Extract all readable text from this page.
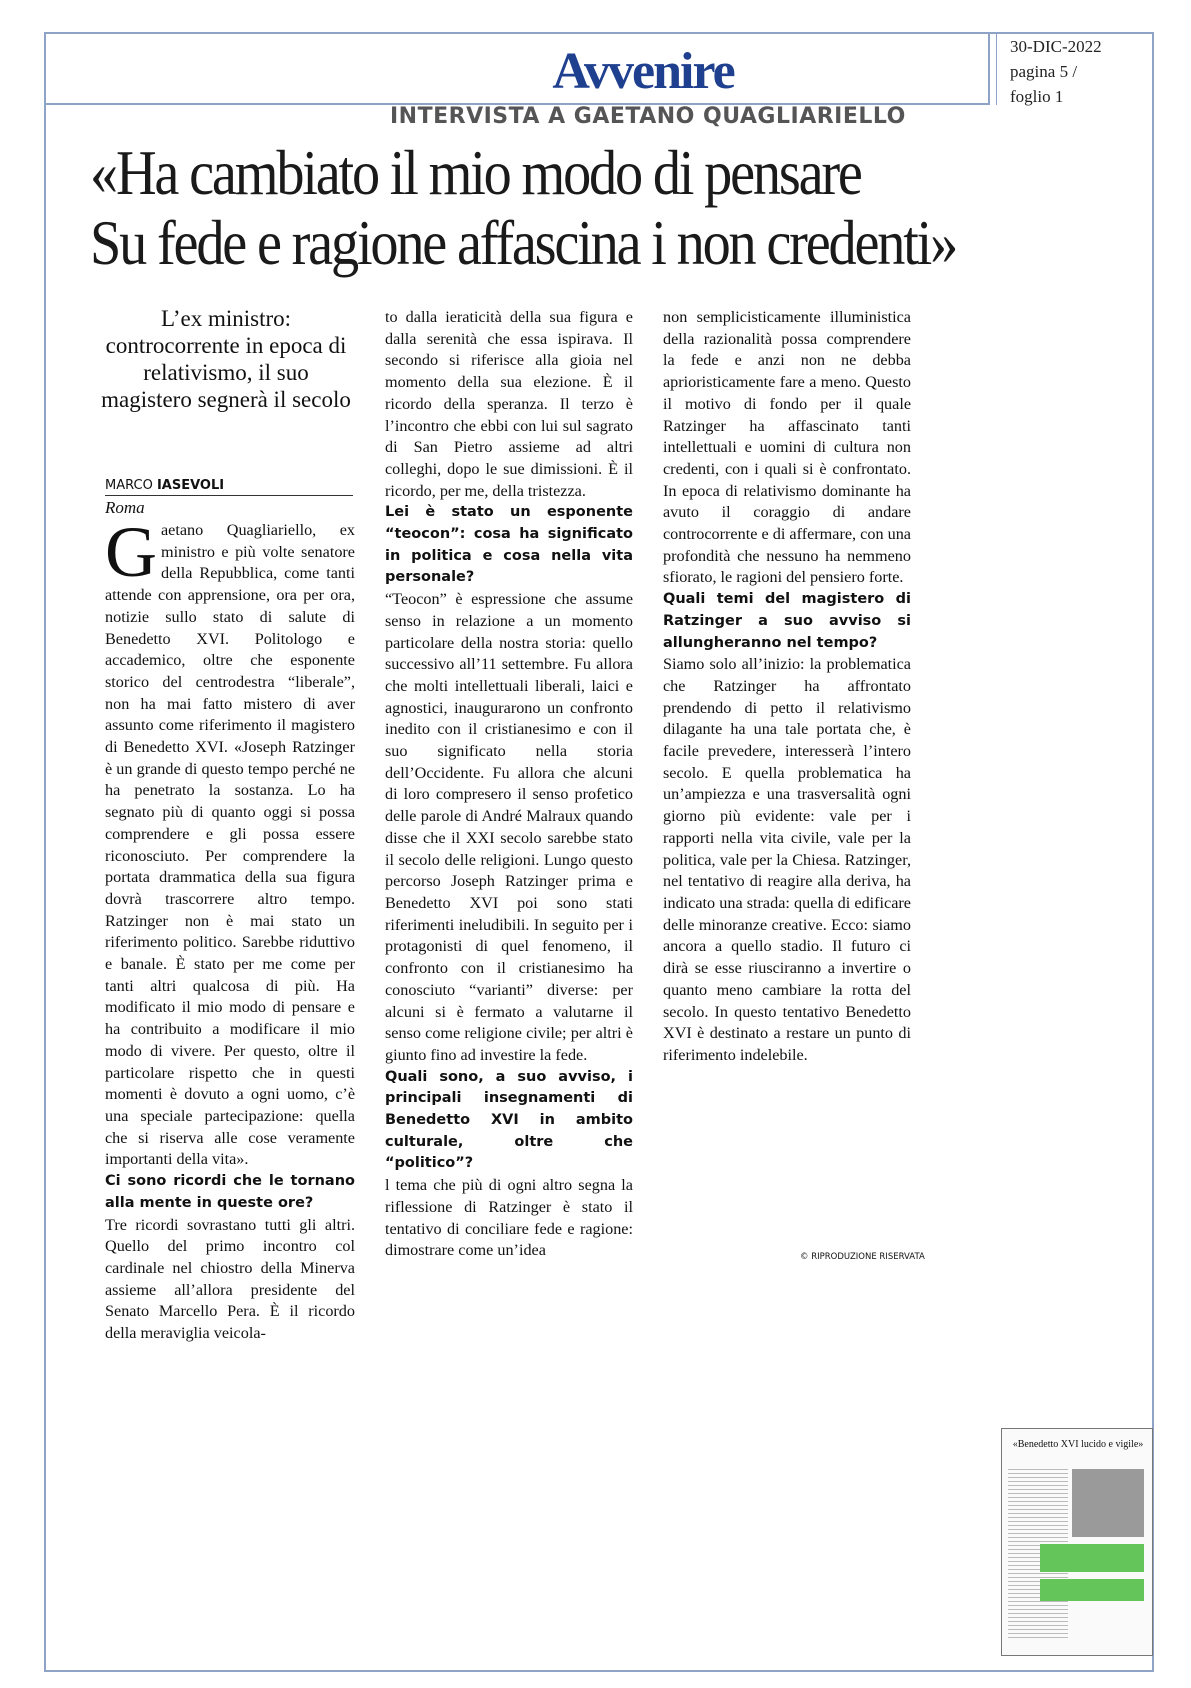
Avvenire	30-DIC-2022
pagina 5 /
foglio 1
INTERVISTA A GAETANO QUAGLIARIELLO
«Ha cambiato il mio modo di pensare
Su fede e ragione affascina i non credenti»
L’ex ministro: controcorrente in epoca di relativismo, il suo magistero segnerà il secolo
MARCO IASEVOLI
Roma

Gaetano Quagliariello, ex ministro e più volte senatore della Repubblica, come tanti attende con apprensione, ora per ora, notizie sullo stato di salute di Benedetto XVI. Politologo e accademico, oltre che esponente storico del centrodestra “liberale”, non ha mai fatto mistero di aver assunto come riferimento il magistero di Benedetto XVI. «Joseph Ratzinger è un grande di questo tempo perché ne ha penetrato la sostanza. Lo ha segnato più di quanto oggi si possa comprendere e gli possa essere riconosciuto. Per comprendere la portata drammatica della sua figura dovrà trascorrere altro tempo. Ratzinger non è mai stato un riferimento politico. Sarebbe riduttivo e banale. È stato per me come per tanti altri qualcosa di più. Ha modificato il mio modo di pensare e ha contribuito a modificare il mio modo di vivere. Per questo, oltre il particolare rispetto che in questi momenti è dovuto a ogni uomo, c’è una speciale partecipazione: quella che si riserva alle cose veramente importanti della vita».

Ci sono ricordi che le tornano alla mente in queste ore?

Tre ricordi sovrastano tutti gli altri. Quello del primo incontro col cardinale nel chiostro della Minerva assieme all’allora presidente del Senato Marcello Pera. È il ricordo della meraviglia veicola-

to dalla ieraticità della sua figura e dalla serenità che essa ispirava. Il secondo si riferisce alla gioia nel momento della sua elezione. È il ricordo della speranza. Il terzo è l’incontro che ebbi con lui sul sagrato di San Pietro assieme ad altri colleghi, dopo le sue dimissioni. È il ricordo, per me, della tristezza.

Lei è stato un esponente “teocon”: cosa ha significato in politica e cosa nella vita personale?

“Teocon” è espressione che assume senso in relazione a un momento particolare della nostra storia: quello successivo all’11 settembre. Fu allora che molti intellettuali liberali, laici e agnostici, inaugurarono un confronto inedito con il cristianesimo e con il suo significato nella storia dell’Occidente. Fu allora che alcuni di loro compresero il senso profetico delle parole di André Malraux quando disse che il XXI secolo sarebbe stato il secolo delle religioni. Lungo questo percorso Joseph Ratzinger prima e Benedetto XVI poi sono stati riferimenti ineludibili. In seguito per i protagonisti di quel fenomeno, il confronto con il cristianesimo ha conosciuto “varianti” diverse: per alcuni si è fermato a valutarne il senso come religione civile; per altri è giunto fino ad investire la fede.

Quali sono, a suo avviso, i principali insegnamenti di Benedetto XVI in ambito culturale, oltre che “politico”?

l tema che più di ogni altro segna la riflessione di Ratzinger è stato il tentativo di conciliare fede e ragione: dimostrare come un’idea

non semplicisticamente illuministica della razionalità possa comprendere la fede e anzi non ne debba aprioristicamente fare a meno. Questo il motivo di fondo per il quale Ratzinger ha affascinato tanti intellettuali e uomini di cultura non credenti, con i quali si è confrontato. In epoca di relativismo dominante ha avuto il coraggio di andare controcorrente e di affermare, con una profondità che nessuno ha nemmeno sfiorato, le ragioni del pensiero forte.

Quali temi del magistero di Ratzinger a suo avviso si allungheranno nel tempo?

Siamo solo all’inizio: la problematica che Ratzinger ha affrontato prendendo di petto il relativismo dilagante ha una tale portata che, è facile prevedere, interesserà l’intero secolo. E quella problematica ha un’ampiezza e una trasversalità ogni giorno più evidente: vale per i rapporti nella vita civile, vale per la politica, vale per la Chiesa. Ratzinger, nel tentativo di reagire alla deriva, ha indicato una strada: quella di edificare delle minoranze creative. Ecco: siamo ancora a quello stadio. Il futuro ci dirà se esse riusciranno a invertire o quanto meno cambiare la rotta del secolo. In questo tentativo Benedetto XVI è destinato a restare un punto di riferimento indelebile.

© RIPRODUZIONE RISERVATA
«Benedetto XVI lucido e vigile»
